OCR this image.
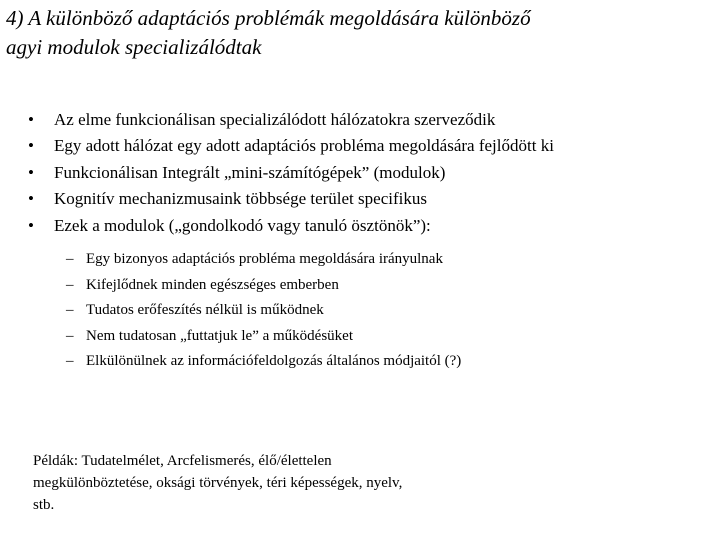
4) A különböző adaptációs problémák megoldására különböző
agyi modulok specializálódtak
• Az elme funkcionálisan specializálódott hálózatokra szerveződik
• Egy adott hálózat egy adott adaptációs probléma megoldására fejlődött ki
• Funkcionálisan Integrált „mini-számítógépek” (modulok)
• Kognitív mechanizmusaink többsége terület specifikus
• Ezek a modulok („gondolkodó vagy tanuló ösztönök”):
– Egy bizonyos adaptációs probléma megoldására irányulnak
– Kifejlődnek minden egészséges emberben
– Tudatos erőfeszítés nélkül is működnek
– Nem tudatosan „futtatjuk le” a működésüket
– Elkülönülnek az információfeldolgozás általános módjaitól (?)
Példák: Tudatelmélet, Arcfelismerés, élő/élettelen
megkülönböztetése, oksági törvények, téri képességek, nyelv,
stb.
